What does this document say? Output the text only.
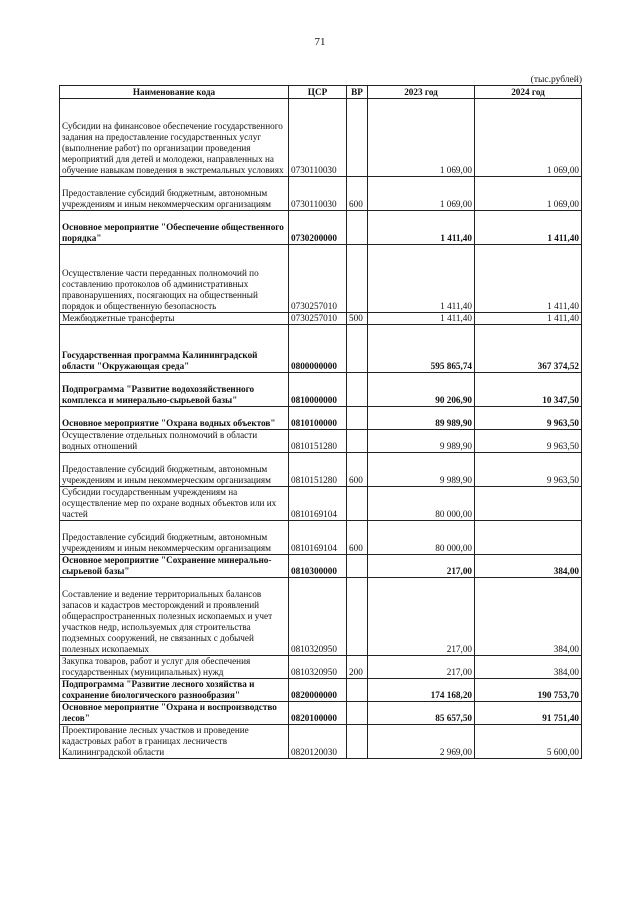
71
(тыс.рублей)
Наименование кода	ЦСР	ВР	2023 год	2024 год
Субсидии на финансовое обеспечение государственного задания на предоставление государственных услуг (выполнение работ) по организации проведения мероприятий для детей и молодежи, направленных на обучение навыкам поведения в экстремальных условиях	0730110030		1 069,00	1 069,00
Предоставление субсидий бюджетным, автономным учреждениям и иным некоммерческим организациям	0730110030	600	1 069,00	1 069,00
Основное мероприятие "Обеспечение общественного порядка"	0730200000		1 411,40	1 411,40
Осуществление части переданных полномочий по составлению протоколов об административных правонарушениях, посягающих на общественный порядок и общественную безопасность	0730257010		1 411,40	1 411,40
Межбюджетные трансферты	0730257010	500	1 411,40	1 411,40
Государственная программа Калининградской области "Окружающая среда"	0800000000		595 865,74	367 374,52
Подпрограмма "Развитие водохозяйственного комплекса и минерально-сырьевой базы"	0810000000		90 206,90	10 347,50
Основное мероприятие "Охрана водных объектов"	0810100000		89 989,90	9 963,50
Осуществление отдельных полномочий в области водных отношений	0810151280		9 989,90	9 963,50
Предоставление субсидий бюджетным, автономным учреждениям и иным некоммерческим организациям	0810151280	600	9 989,90	9 963,50
Субсидии государственным учреждениям на осуществление мер по охране водных объектов или их частей	0810169104		80 000,00	
Предоставление субсидий бюджетным, автономным учреждениям и иным некоммерческим организациям	0810169104	600	80 000,00	
Основное мероприятие "Сохранение минерально-сырьевой базы"	0810300000		217,00	384,00
Составление и ведение территориальных балансов запасов и кадастров месторождений и проявлений общераспространенных полезных ископаемых и учет участков недр, используемых для строительства подземных сооружений, не связанных с добычей полезных ископаемых	0810320950		217,00	384,00
Закупка товаров, работ и услуг для обеспечения государственных (муниципальных) нужд	0810320950	200	217,00	384,00
Подпрограмма "Развитие лесного хозяйства и сохранение биологического разнообразия"	0820000000		174 168,20	190 753,70
Основное мероприятие "Охрана и воспроизводство лесов"	0820100000		85 657,50	91 751,40
Проектирование лесных участков и проведение кадастровых работ в границах лесничеств Калининградской области	0820120030		2 969,00	5 600,00
